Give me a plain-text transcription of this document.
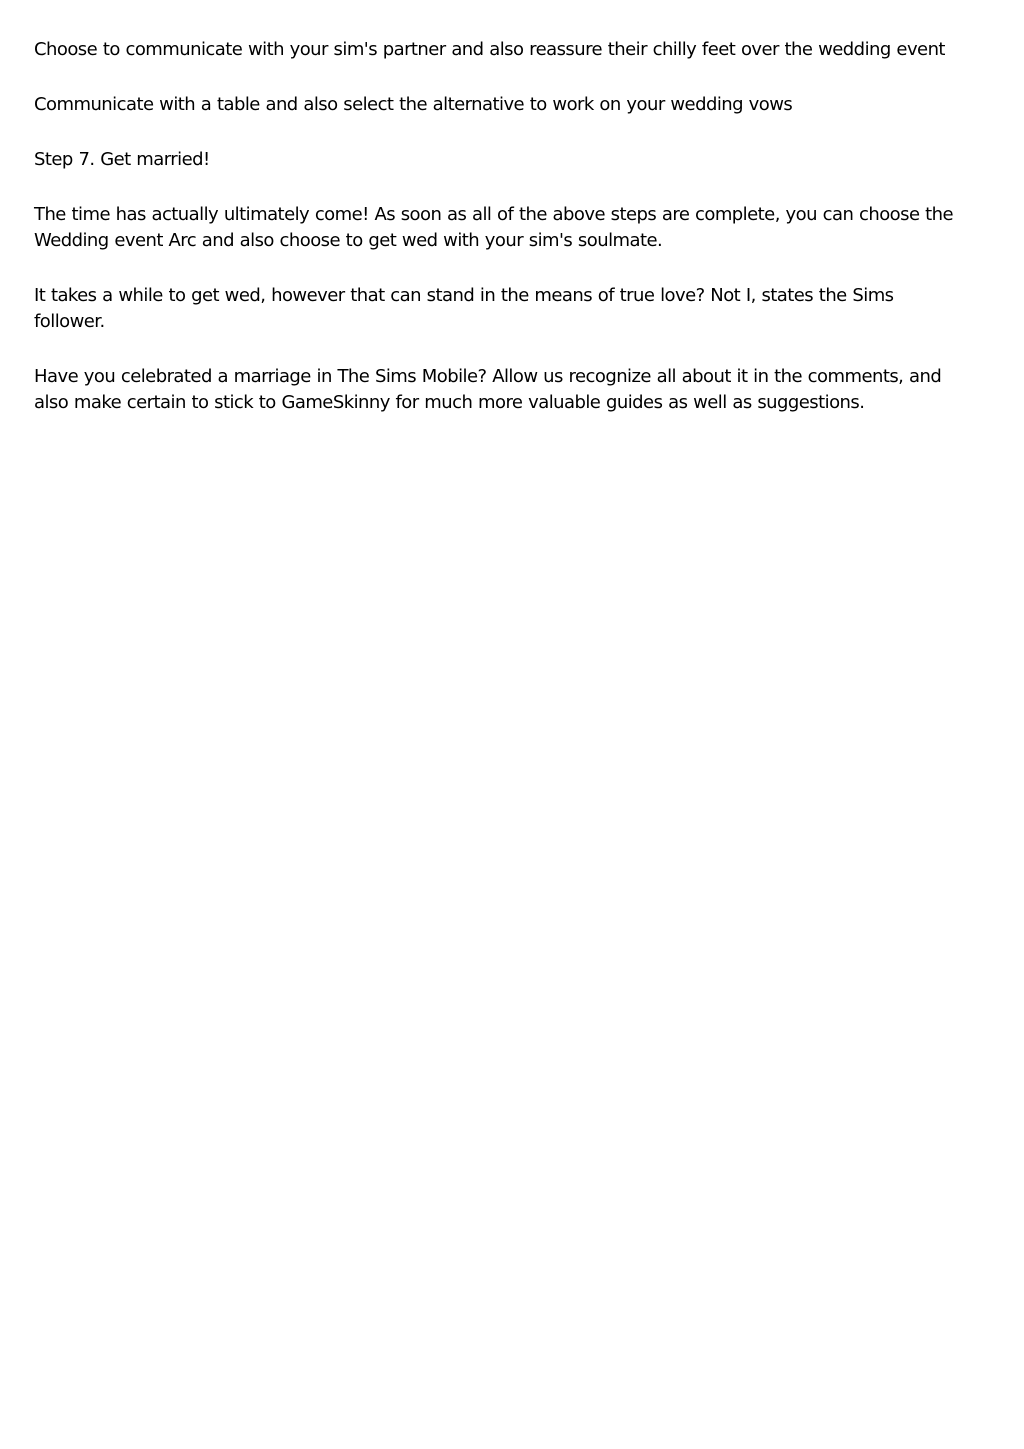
Choose to communicate with your sim's partner and also reassure their chilly feet over the wedding event

Communicate with a table and also select the alternative to work on your wedding vows

Step 7. Get married!

The time has actually ultimately come! As soon as all of the above steps are complete, you can choose the Wedding event Arc and also choose to get wed with your sim's soulmate.

It takes a while to get wed, however that can stand in the means of true love? Not I, states the Sims follower.

Have you celebrated a marriage in The Sims Mobile? Allow us recognize all about it in the comments, and also make certain to stick to GameSkinny for much more valuable guides as well as suggestions.
